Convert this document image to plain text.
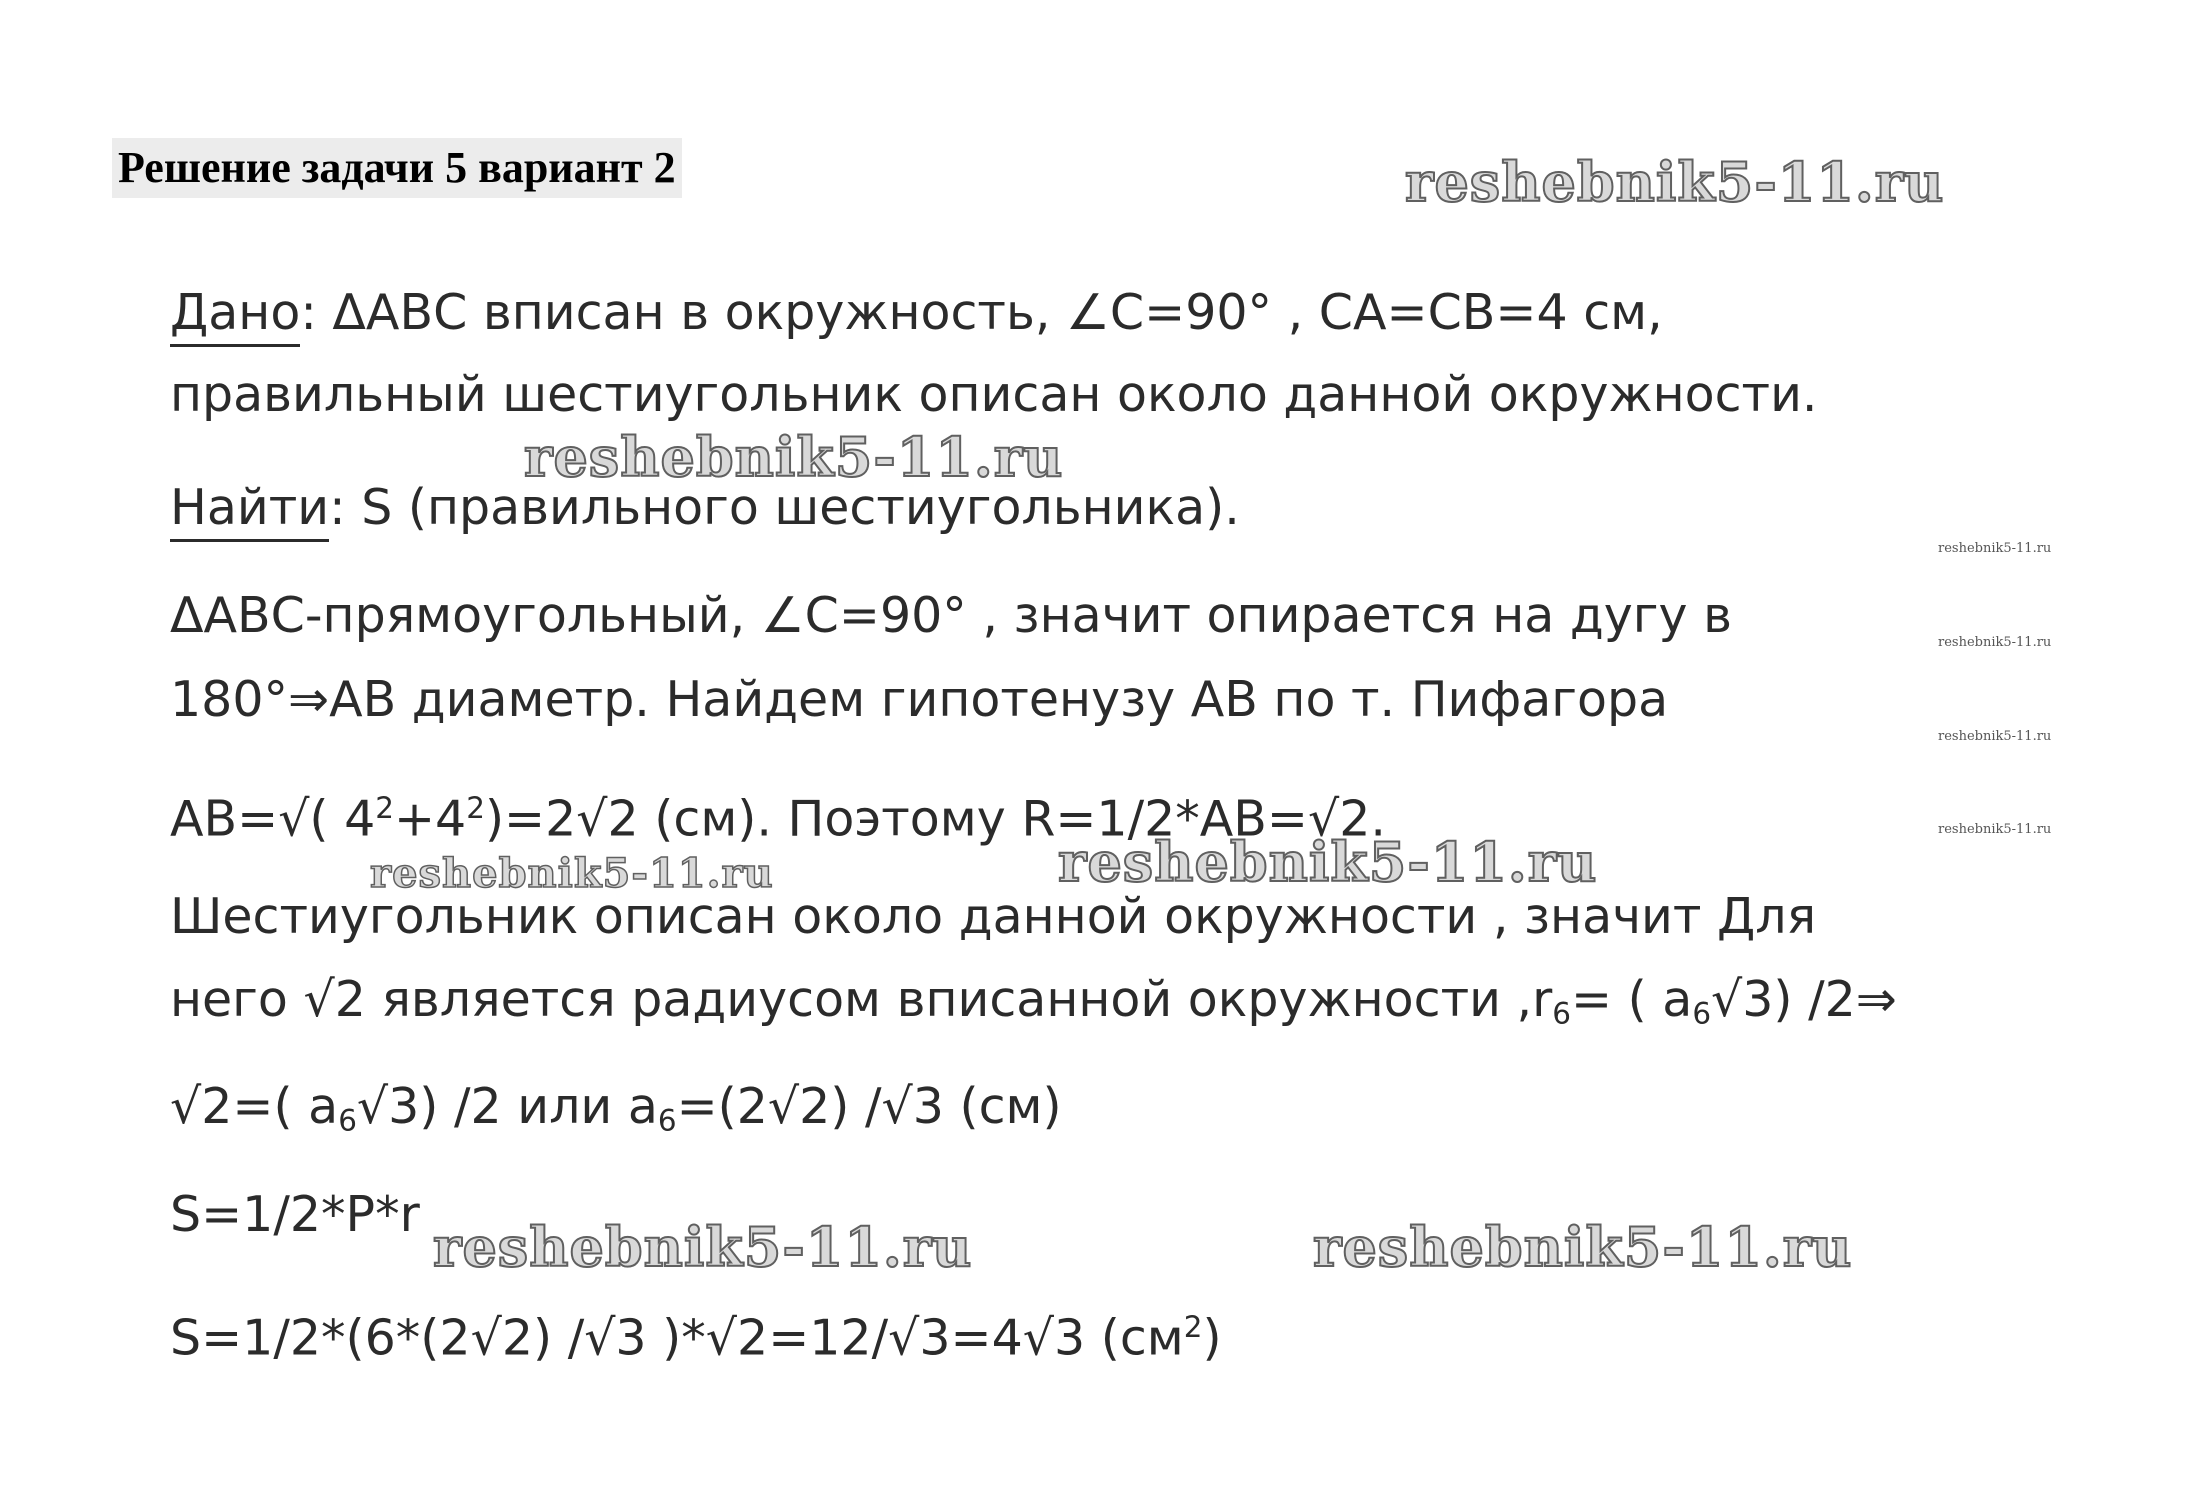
Решение задачи 5 вариант 2	reshebnik5-11.ru
reshebnik5-11.ru
reshebnik5-11.ru	reshebnik5-11.ru
reshebnik5-11.ru	reshebnik5-11.ru
reshebnik5-11.ru
reshebnik5-11.ru
reshebnik5-11.ru
reshebnik5-11.ru
Дано: ΔАВС вписан в окружность, ∠С=90° , СА=СВ=4 см,
правильный шестиугольник описан около данной окружности.
Найти: S (правильного шестиугольника).
ΔАВС-прямоугольный, ∠С=90° , значит опирается на дугу в
180°⇒АВ диаметр. Найдем гипотенузу АВ по т. Пифагора
АВ=√( $4^2+4^2)=2√2$ (см). Поэтому R=1/2*АВ=√2.
Шестиугольник описан около данной окружности , значит Для
него √2 является радиусом вписанной окружности $,r_6=$ ( $a_6√3$) /2⇒
√2=( $a_6√3$) /2 или $a_6=(2√2)$ /√3 (см)
S=1/2*P*r
S=1/2*(6*(2√2) /√3 )*√2=12/√3=4√3 $(см^2)$
